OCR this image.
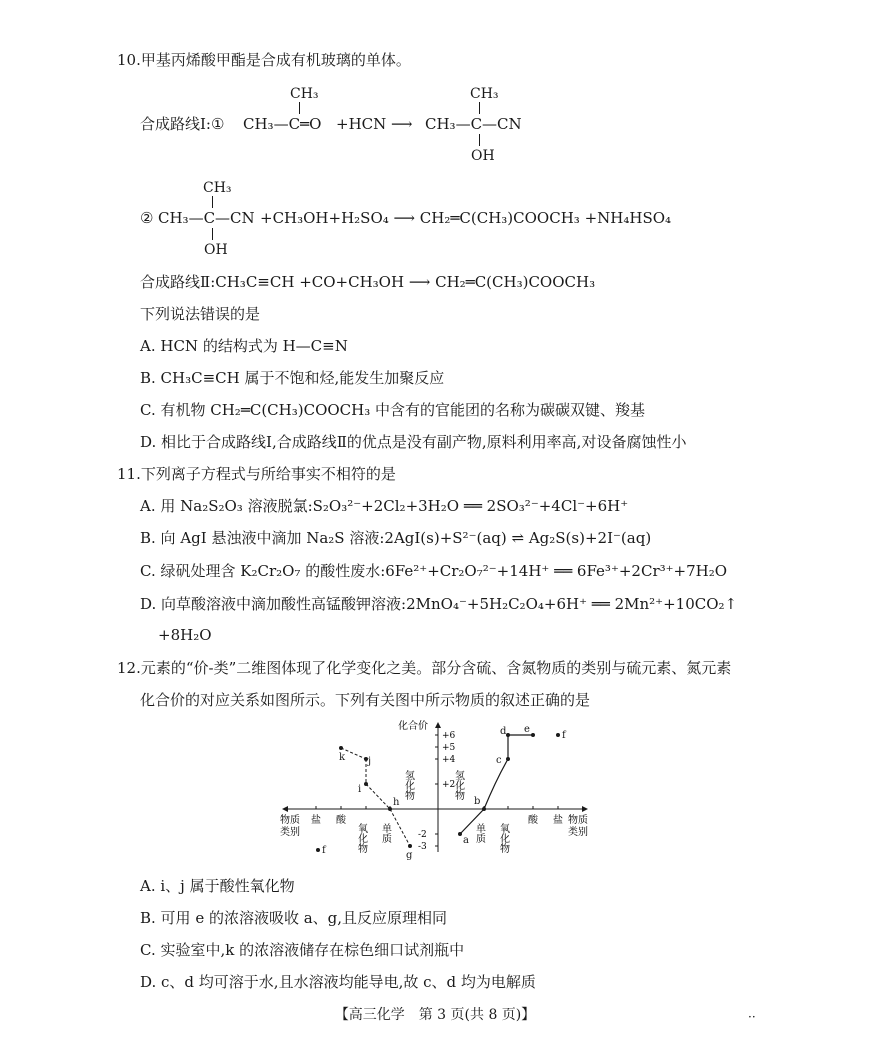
10.甲基丙烯酸甲酯是合成有机玻璃的单体。
合成路线Ⅰ:①
CH₃
CH₃—C═O +HCN ⟶
CH₃
CH₃—C—CN
OH
CH₃
② CH₃—C—CN
OH
+CH₃OH+H₂SO₄ ⟶ CH₂═C(CH₃)COOCH₃ +NH₄HSO₄
合成路线Ⅱ:CH₃C≡CH +CO+CH₃OH ⟶ CH₂═C(CH₃)COOCH₃
下列说法错误的是
A. HCN 的结构式为 H—C≡N
B. CH₃C≡CH 属于不饱和烃,能发生加聚反应
C. 有机物 CH₂═C(CH₃)COOCH₃ 中含有的官能团的名称为碳碳双键、羧基
D. 相比于合成路线Ⅰ,合成路线Ⅱ的优点是没有副产物,原料利用率高,对设备腐蚀性小
11.下列离子方程式与所给事实不相符的是
A. 用 Na₂S₂O₃ 溶液脱氯:S₂O₃²⁻+2Cl₂+3H₂O ══ 2SO₃²⁻+4Cl⁻+6H⁺
B. 向 AgI 悬浊液中滴加 Na₂S 溶液:2AgI(s)+S²⁻(aq) ⇌ Ag₂S(s)+2I⁻(aq)
C. 绿矾处理含 K₂Cr₂O₇ 的酸性废水:6Fe²⁺+Cr₂O₇²⁻+14H⁺ ══ 6Fe³⁺+2Cr³⁺+7H₂O
D. 向草酸溶液中滴加酸性高锰酸钾溶液:2MnO₄⁻+5H₂C₂O₄+6H⁺ ══ 2Mn²⁺+10CO₂↑
+8H₂O
12.元素的“价-类”二维图体现了化学变化之美。部分含硫、含氮物质的类别与硫元素、氮元素
化合价的对应关系如图所示。下列有关图中所示物质的叙述正确的是
化合价
+6
+5
+4
+2
-2
-3
物质
类别
盐 酸
氧化物 单质	单质 氧化物
酸 盐 物质
类别
氢化物	氢化物
a
b
c
d e
f
g
h
i
j
k
f
A. i、j 属于酸性氧化物
B. 可用 e 的浓溶液吸收 a、g,且反应原理相同
C. 实验室中,k 的浓溶液储存在棕色细口试剂瓶中
D. c、d 均可溶于水,且水溶液均能导电,故 c、d 均为电解质
【高三化学　第 3 页(共 8 页)】	··
